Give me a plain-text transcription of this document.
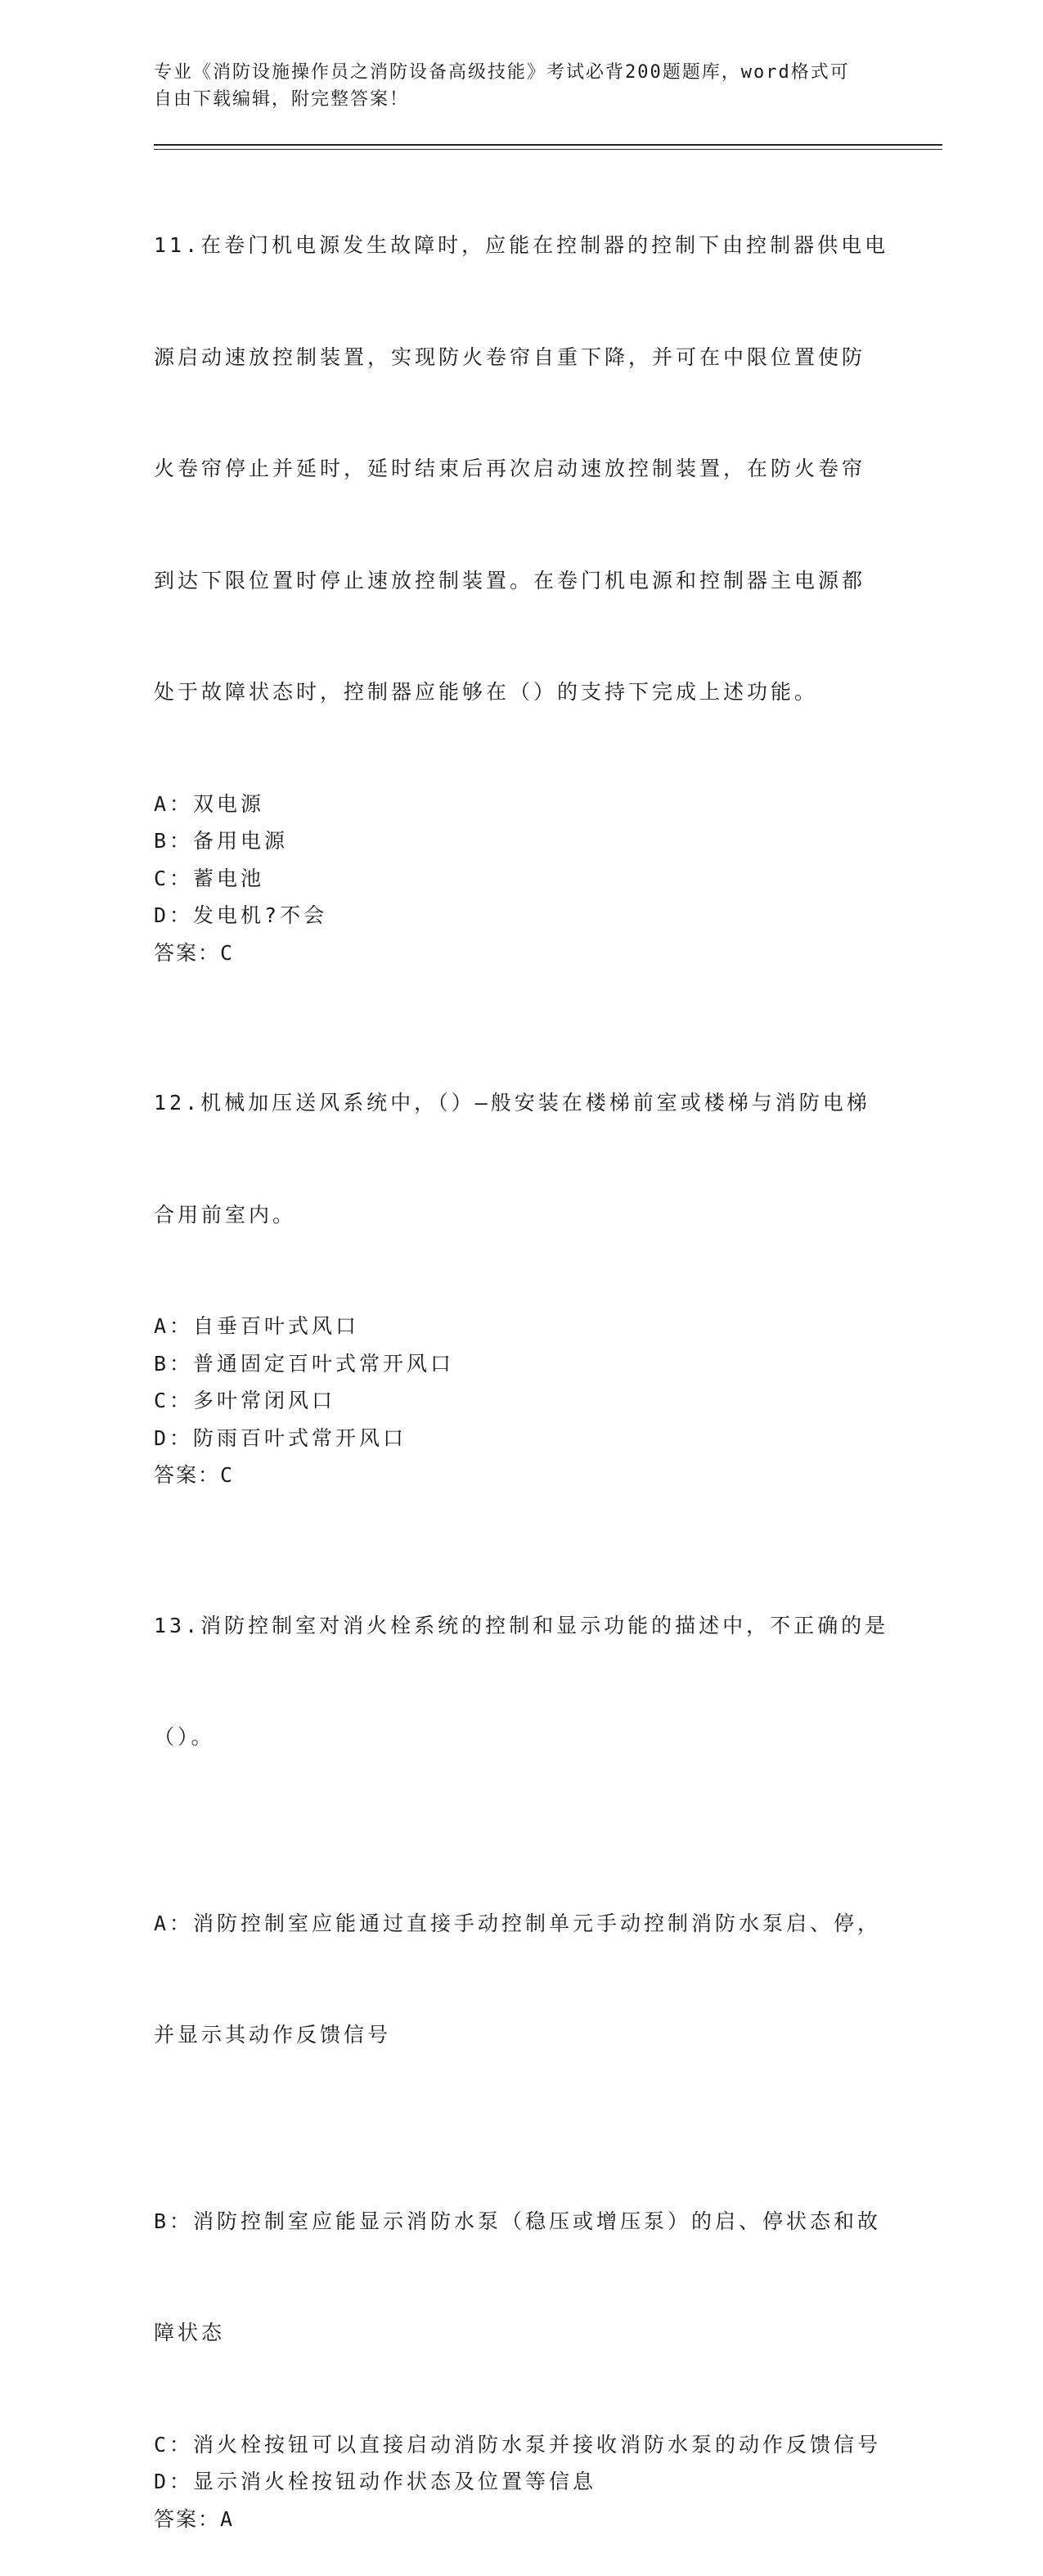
专业《消防设施操作员之消防设备高级技能》考试必背200题题库，word格式可
自由下载编辑，附完整答案！

11.在卷门机电源发生故障时，应能在控制器的控制下由控制器供电电

源启动速放控制装置，实现防火卷帘自重下降，并可在中限位置使防

火卷帘停止并延时，延时结束后再次启动速放控制装置，在防火卷帘

到达下限位置时停止速放控制装置。在卷门机电源和控制器主电源都

处于故障状态时，控制器应能够在（）的支持下完成上述功能。

A：双电源
B：备用电源
C：蓄电池
D：发电机?不会
答案：C

12.机械加压送风系统中，（）—般安装在楼梯前室或楼梯与消防电梯

合用前室内。

A：自垂百叶式风口
B：普通固定百叶式常开风口
C：多叶常闭风口
D：防雨百叶式常开风口
答案：C

13.消防控制室对消火栓系统的控制和显示功能的描述中，不正确的是

（）。

A：消防控制室应能通过直接手动控制单元手动控制消防水泵启、停，

并显示其动作反馈信号

B：消防控制室应能显示消防水泵（稳压或增压泵）的启、停状态和故

障状态

C：消火栓按钮可以直接启动消防水泵并接收消防水泵的动作反馈信号
D：显示消火栓按钮动作状态及位置等信息
答案：A
